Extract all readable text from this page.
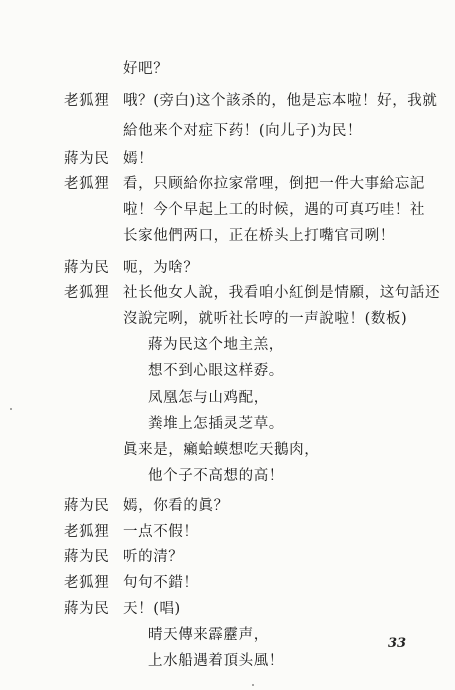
好吧？
老狐狸 哦？(旁白)这个該杀的，他是忘本啦！好，我就
給他来个对症下药！(向儿子)为民！
蔣为民 嫣！
老狐狸 看，只顾給你拉家常哩，倒把一件大事給忘記
啦！今个早起上工的时候，遇的可真巧哇！社
长家他們两口，正在桥头上打嘴官司咧！
蔣为民 呃，为啥？
老狐狸 社长他女人說，我看咱小紅倒是情願，这句話还
沒說完咧，就听社长哼的一声說啦！(数板)
蔣为民这个地主羔，
想不到心眼这样孬。
凤凰怎与山鸡配，
粪堆上怎插灵芝草。
眞来是，癩蛤蟆想吃天鵝肉，
他个子不高想的高！
蔣为民 嫣，你看的眞？
老狐狸 一点不假！
蔣为民 听的清？
老狐狸 句句不錯！
蔣为民 天！(唱)
晴天傳来霹靂声，
上水船遇着頂头風！
33
